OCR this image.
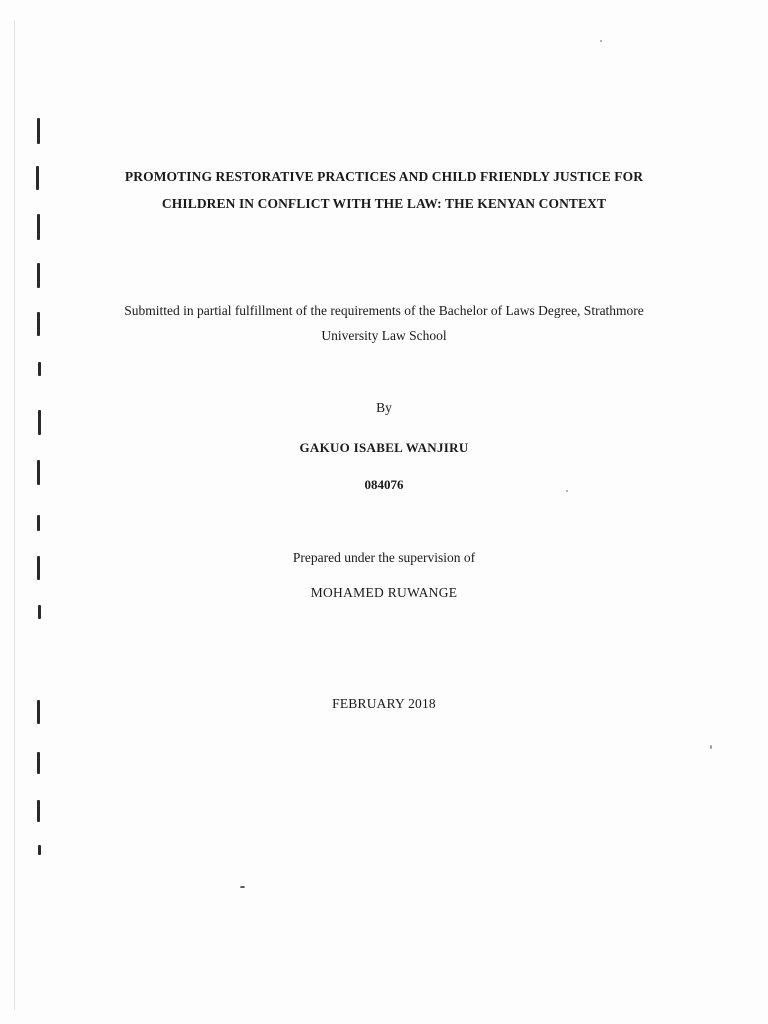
PROMOTING RESTORATIVE PRACTICES AND CHILD FRIENDLY JUSTICE FOR
CHILDREN IN CONFLICT WITH THE LAW: THE KENYAN CONTEXT
Submitted in partial fulfillment of the requirements of the Bachelor of Laws Degree, Strathmore
University Law School
By
GAKUO ISABEL WANJIRU
084076
Prepared under the supervision of
MOHAMED RUWANGE
FEBRUARY 2018
